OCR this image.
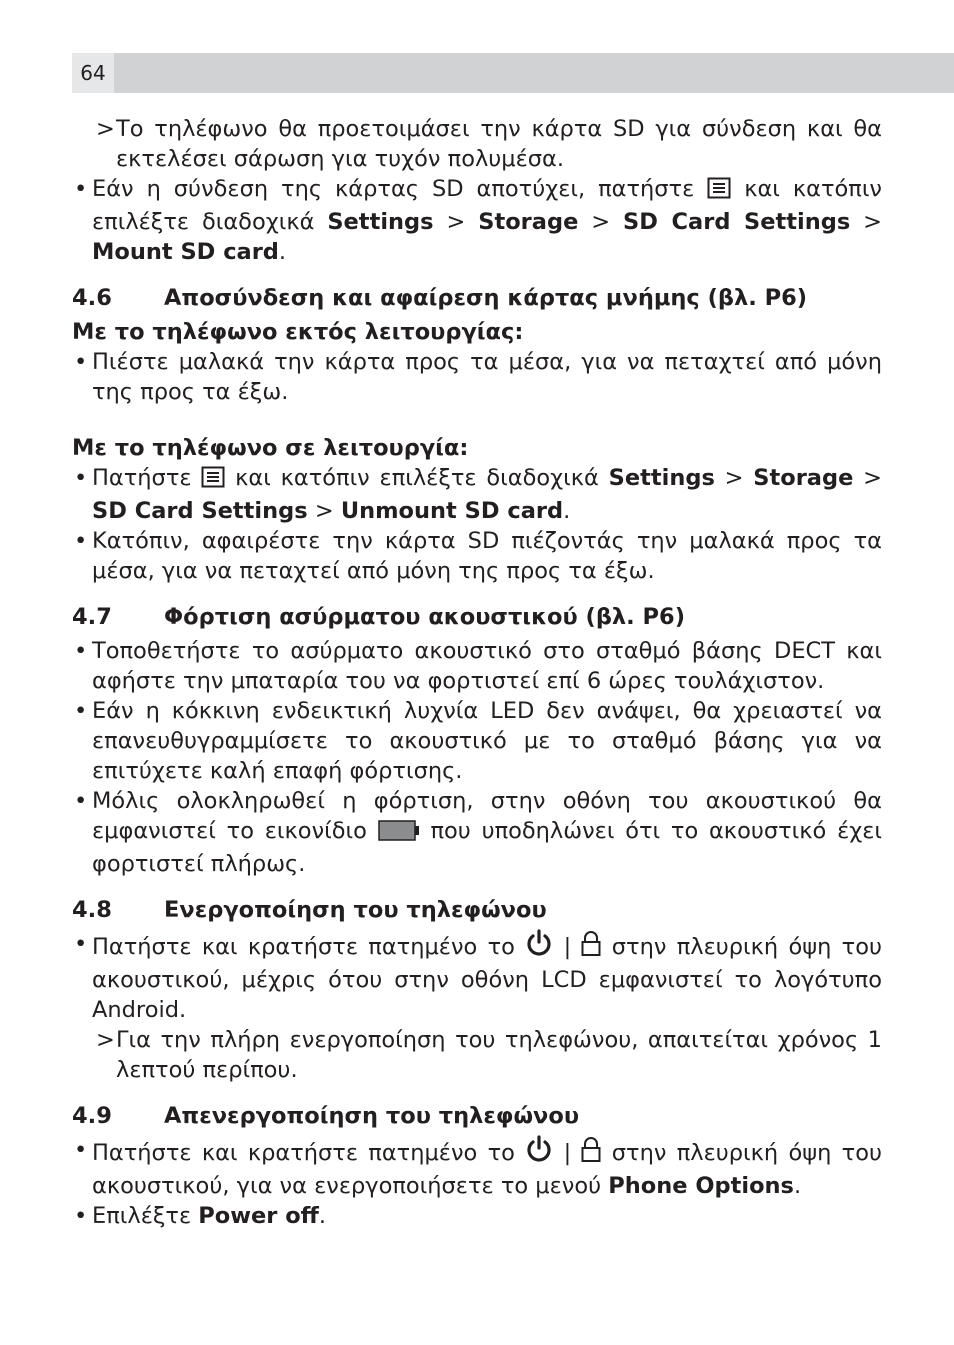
64
> Το τηλέφωνο θα προετοιμάσει την κάρτα SD για σύνδεση και θα εκτελέσει σάρωση για τυχόν πολυμέσα.
• Εάν η σύνδεση της κάρτας SD αποτύχει, πατήστε και κατόπιν επιλέξτε διαδοχικά Settings > Storage > SD Card Settings > Mount SD card.
4.6	Αποσύνδεση και αφαίρεση κάρτας μνήμης (βλ. P6)
Με το τηλέφωνο εκτός λειτουργίας:
• Πιέστε μαλακά την κάρτα προς τα μέσα, για να πεταχτεί από μόνη της προς τα έξω.
Με το τηλέφωνο σε λειτουργία:
• Πατήστε και κατόπιν επιλέξτε διαδοχικά Settings > Storage > SD Card Settings > Unmount SD card.
• Κατόπιν, αφαιρέστε την κάρτα SD πιέζοντάς την μαλακά προς τα μέσα, για να πεταχτεί από μόνη της προς τα έξω.
4.7	Φόρτιση ασύρματου ακουστικού (βλ. P6)
• Τοποθετήστε το ασύρματο ακουστικό στο σταθμό βάσης DECT και αφήστε την μπαταρία του να φορτιστεί επί 6 ώρες τουλάχιστον.
• Εάν η κόκκινη ενδεικτική λυχνία LED δεν ανάψει, θα χρειαστεί να επανευθυγραμμίσετε το ακουστικό με το σταθμό βάσης για να επιτύχετε καλή επαφή φόρτισης.
• Μόλις ολοκληρωθεί η φόρτιση, στην οθόνη του ακουστικού θα εμφανιστεί το εικονίδιο	που υποδηλώνει ότι το ακουστικό έχει φορτιστεί πλήρως.
4.8	Ενεργοποίηση του τηλεφώνου
• Πατήστε και κρατήστε πατημένο το | στην πλευρική όψη του ακουστικού, μέχρις ότου στην οθόνη LCD εμφανιστεί το λογότυπο Android.
> Για την πλήρη ενεργοποίηση του τηλεφώνου, απαιτείται χρόνος 1 λεπτού περίπου.
4.9	Απενεργοποίηση του τηλεφώνου
• Πατήστε και κρατήστε πατημένο το | στην πλευρική όψη του ακουστικού, για να ενεργοποιήσετε το μενού Phone Options.
• Επιλέξτε Power off.
